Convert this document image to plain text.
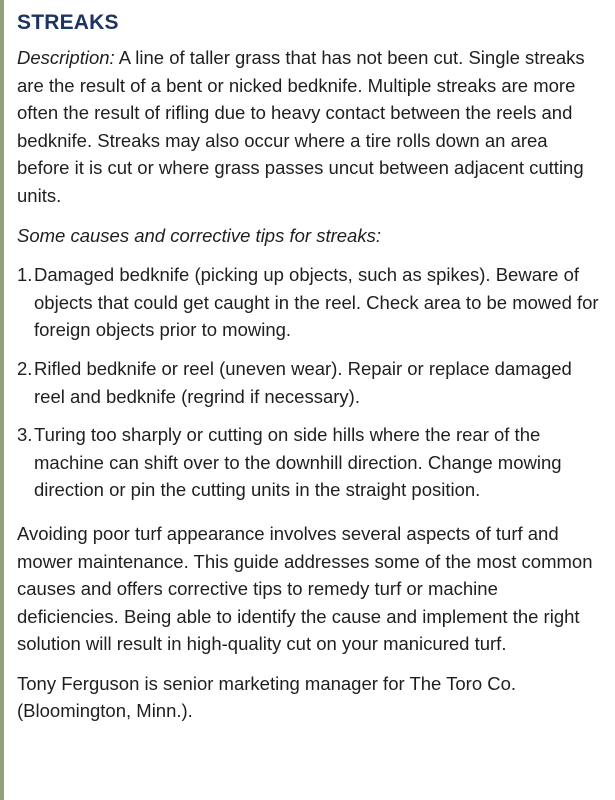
STREAKS

Description: A line of taller grass that has not been cut. Single streaks are the result of a bent or nicked bedknife. Multiple streaks are more often the result of rifling due to heavy contact between the reels and bedknife. Streaks may also occur where a tire rolls down an area before it is cut or where grass passes uncut between adjacent cutting units.

Some causes and corrective tips for streaks:

1. Damaged bedknife (picking up objects, such as spikes). Beware of objects that could get caught in the reel. Check area to be mowed for foreign objects prior to mowing.
2. Rifled bedknife or reel (uneven wear). Repair or replace damaged reel and bedknife (regrind if necessary).
3. Turing too sharply or cutting on side hills where the rear of the machine can shift over to the downhill direction. Change mowing direction or pin the cutting units in the straight position.

Avoiding poor turf appearance involves several aspects of turf and mower maintenance. This guide addresses some of the most common causes and offers corrective tips to remedy turf or machine deficiencies. Being able to identify the cause and implement the right solution will result in high-quality cut on your manicured turf.

Tony Ferguson is senior marketing manager for The Toro Co. (Bloomington, Minn.).
